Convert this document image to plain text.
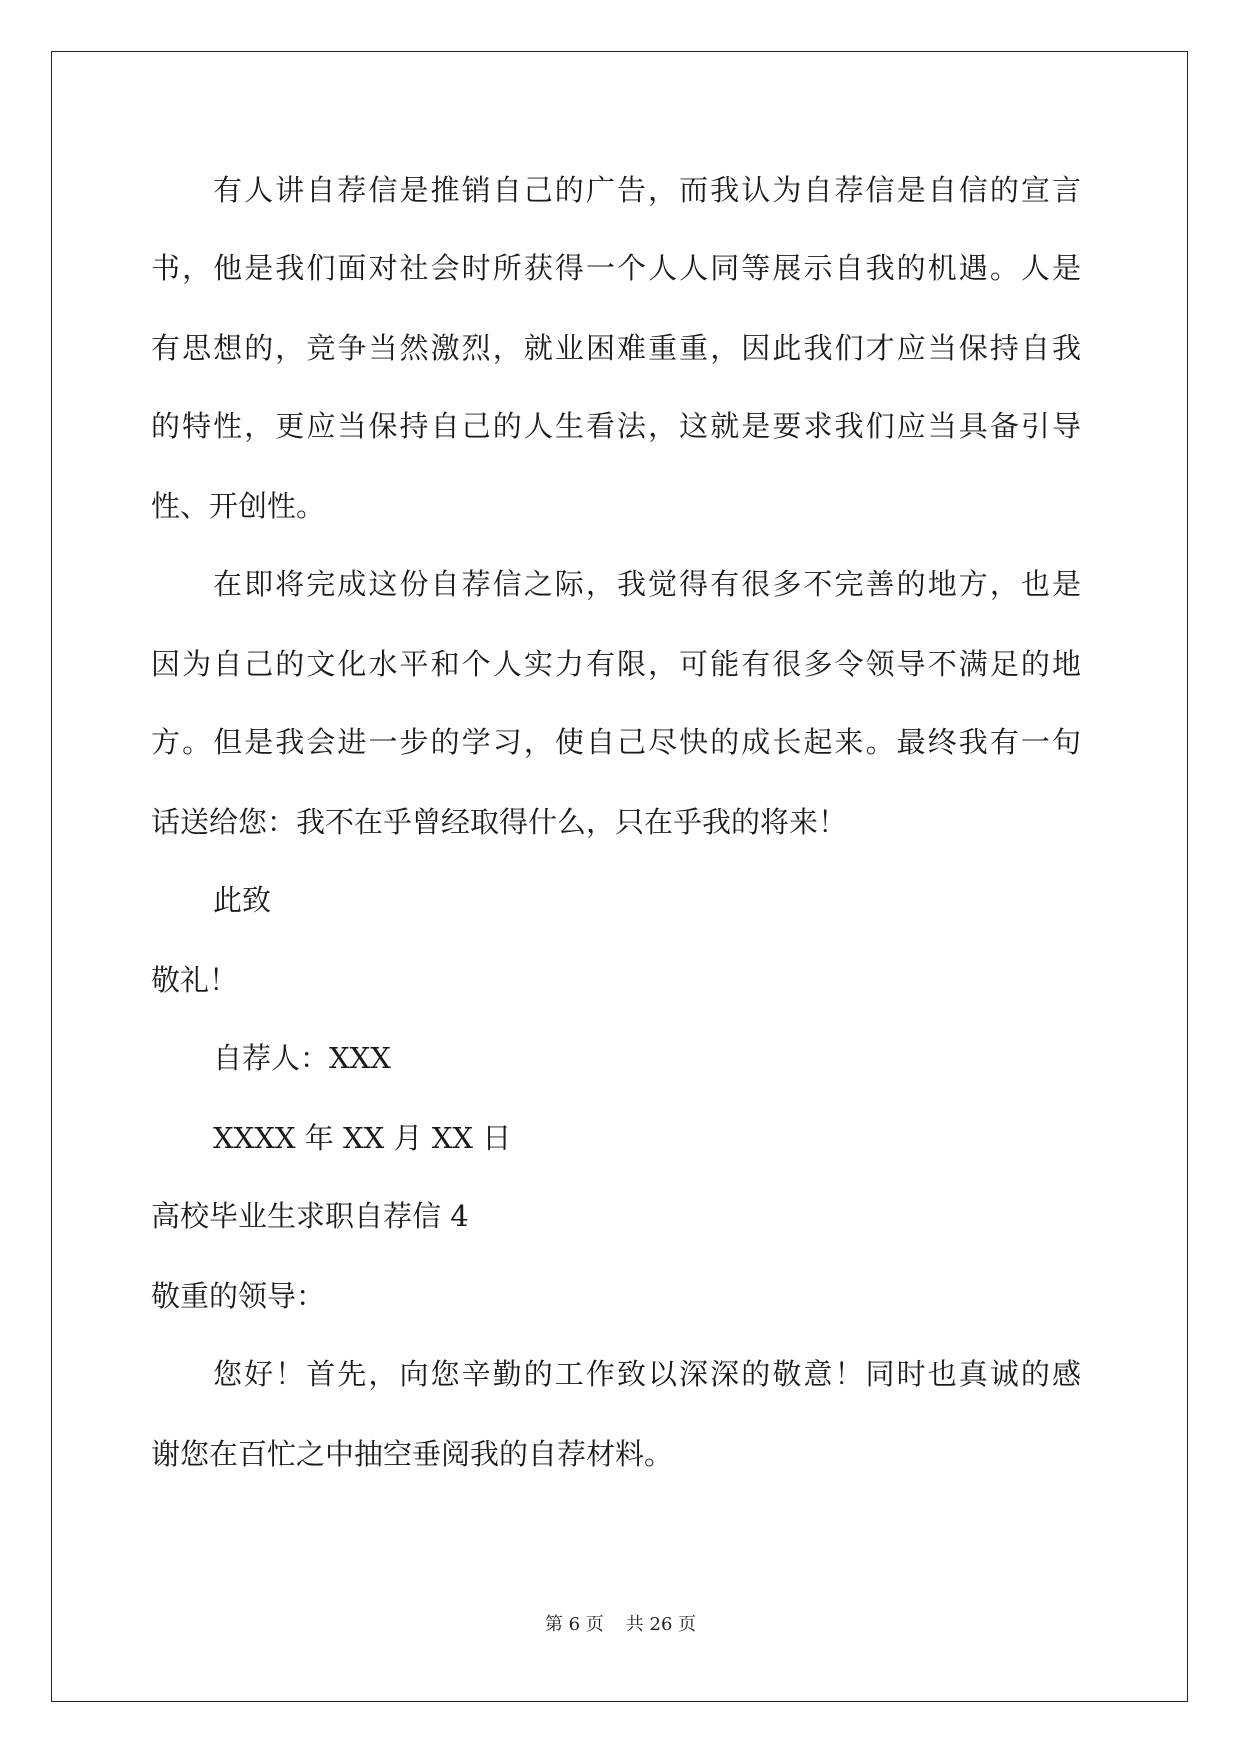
有人讲自荐信是推销自己的广告，而我认为自荐信是自信的宣言
书，他是我们面对社会时所获得一个人人同等展示自我的机遇。人是
有思想的，竞争当然激烈，就业困难重重，因此我们才应当保持自我
的特性，更应当保持自己的人生看法，这就是要求我们应当具备引导
性、开创性。
在即将完成这份自荐信之际，我觉得有很多不完善的地方，也是
因为自己的文化水平和个人实力有限，可能有很多令领导不满足的地
方。但是我会进一步的学习，使自己尽快的成长起来。最终我有一句
话送给您：我不在乎曾经取得什么，只在乎我的将来！
此致
敬礼！
自荐人：XXX
XXXX 年 XX 月 XX 日
高校毕业生求职自荐信 4
敬重的领导：
您好！首先，向您辛勤的工作致以深深的敬意！同时也真诚的感
谢您在百忙之中抽空垂阅我的自荐材料。
第 6 页 共 26 页
